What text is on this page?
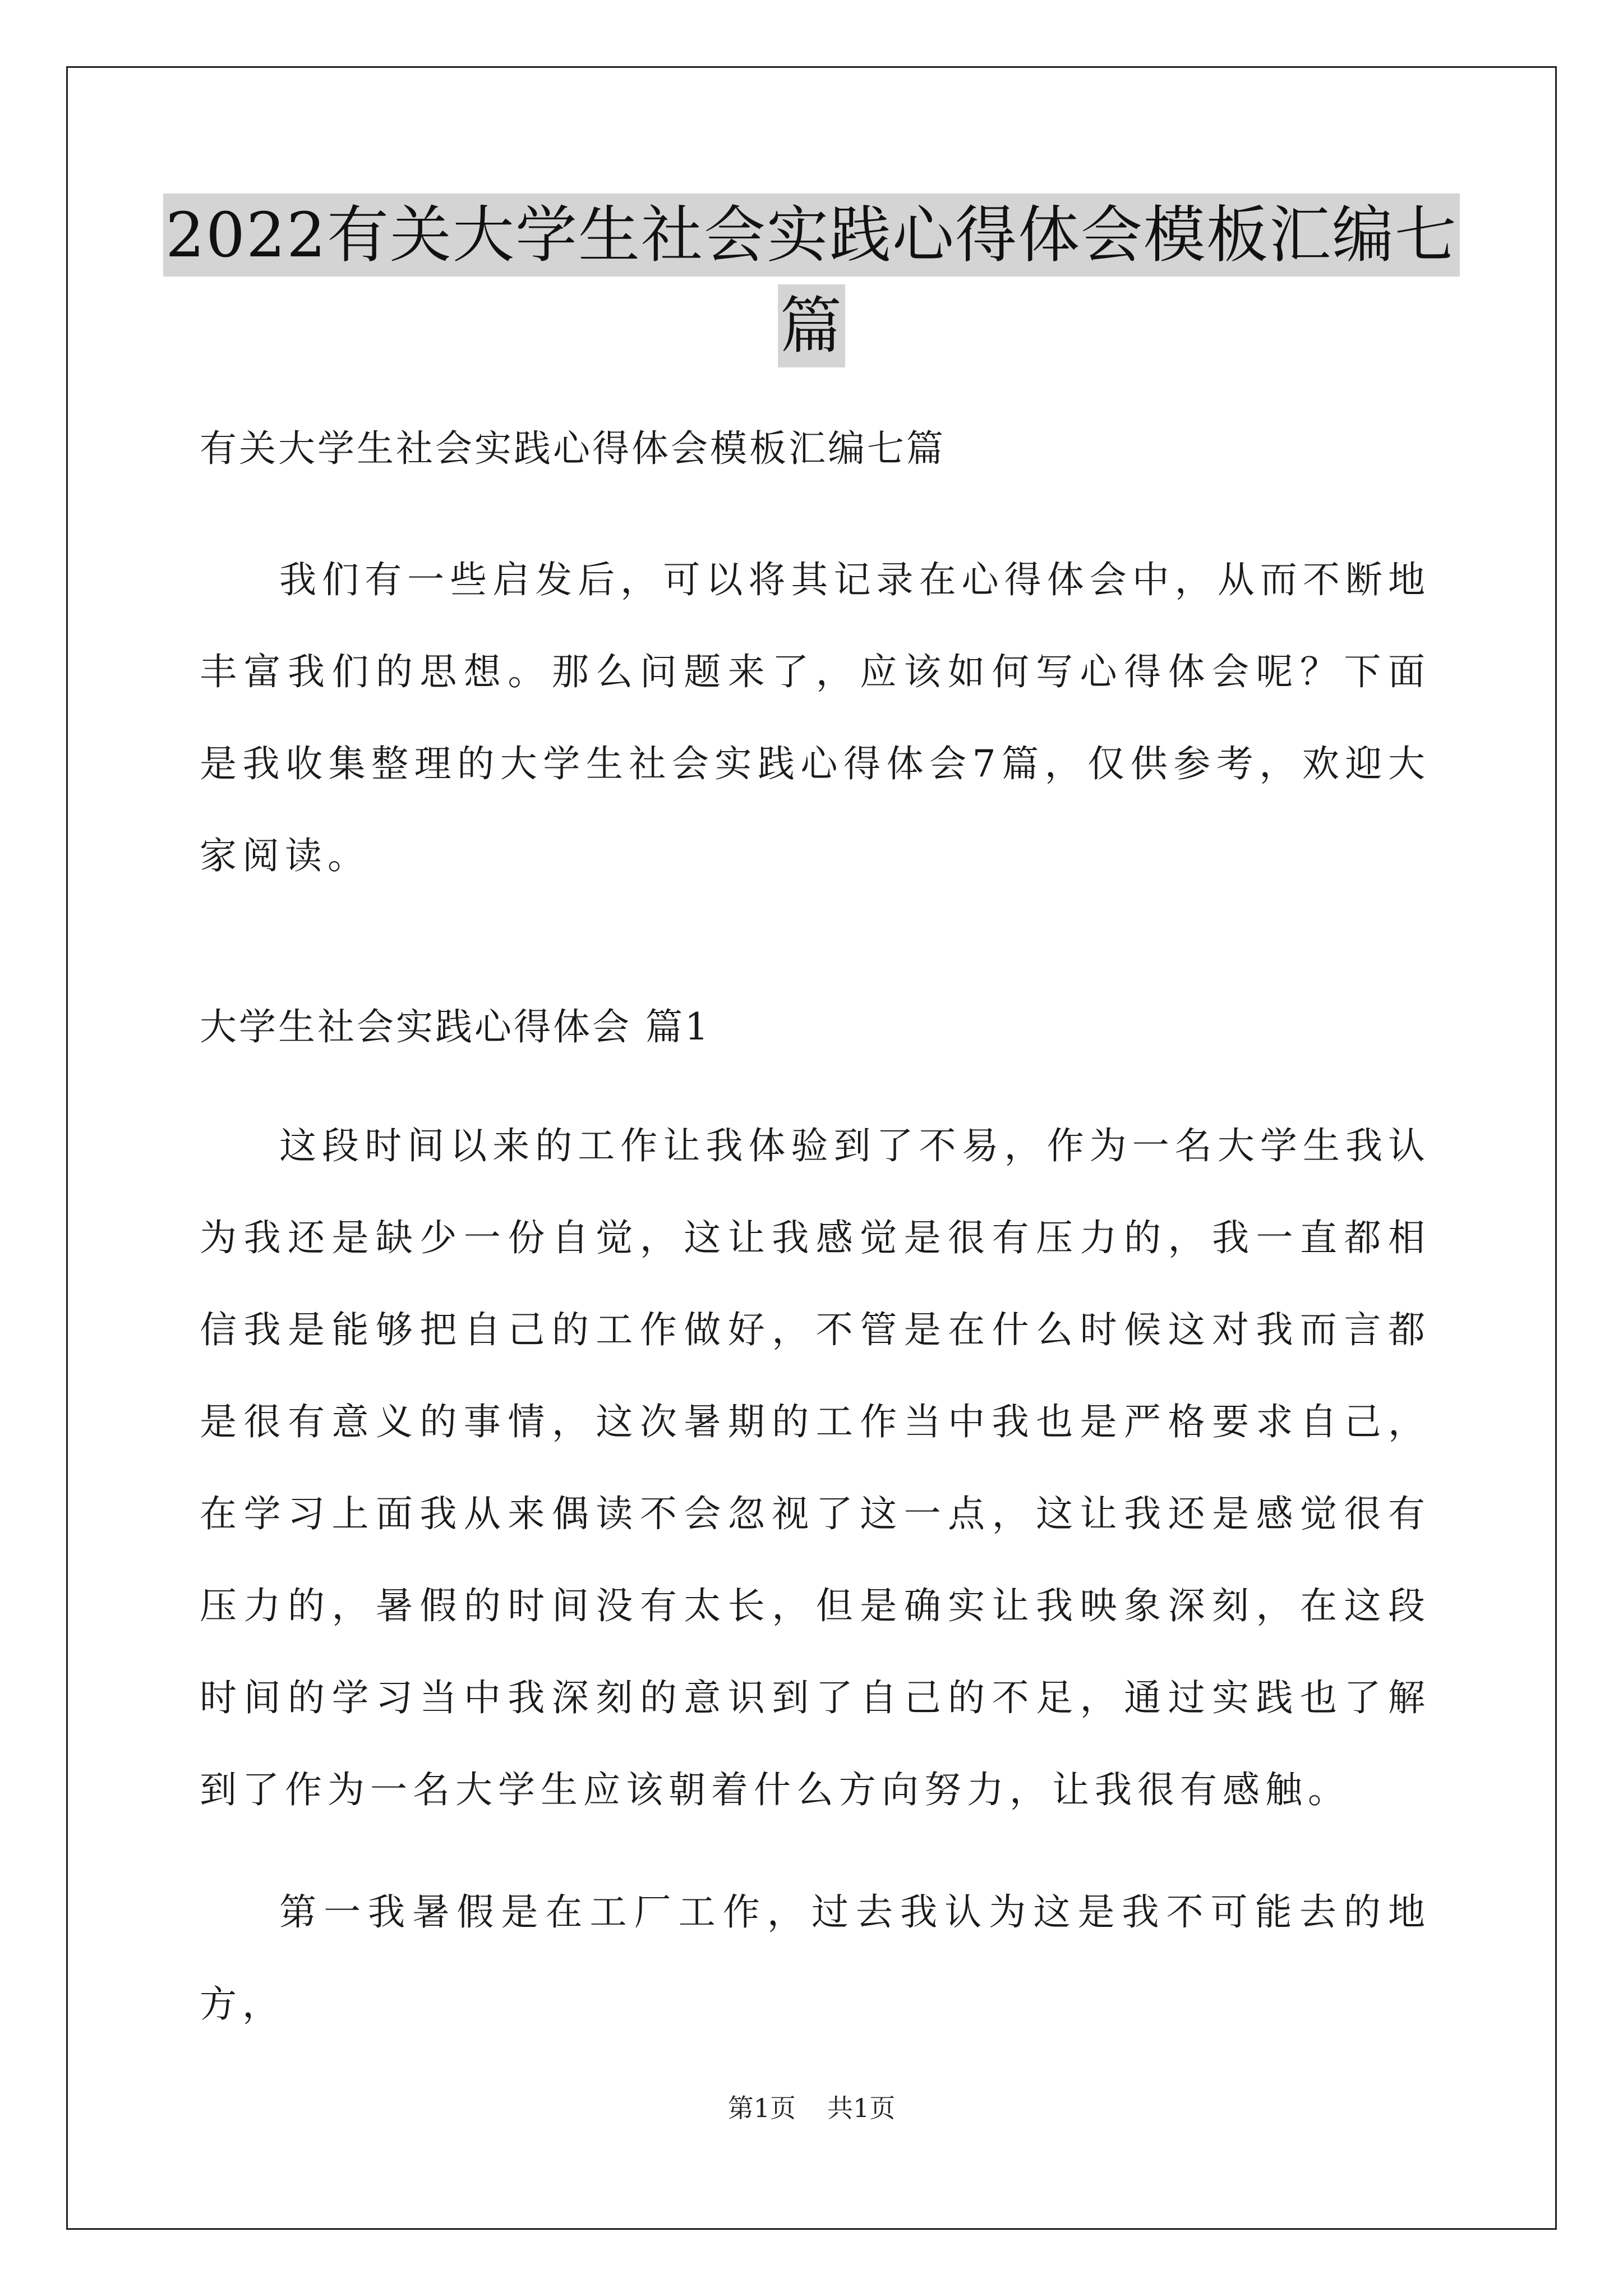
2022有关大学生社会实践心得体会模板汇编七
篇

有关大学生社会实践心得体会模板汇编七篇

我们有一些启发后，可以将其记录在心得体会中，从而不断地丰富我们的思想。那么问题来了，应该如何写心得体会呢？下面是我收集整理的大学生社会实践心得体会7篇，仅供参考，欢迎大家阅读。

大学生社会实践心得体会 篇1

这段时间以来的工作让我体验到了不易，作为一名大学生我认为我还是缺少一份自觉，这让我感觉是很有压力的，我一直都相信我是能够把自己的工作做好，不管是在什么时候这对我而言都是很有意义的事情，这次暑期的工作当中我也是严格要求自己，在学习上面我从来偶读不会忽视了这一点，这让我还是感觉很有压力的，暑假的时间没有太长，但是确实让我映象深刻，在这段时间的学习当中我深刻的意识到了自己的不足，通过实践也了解到了作为一名大学生应该朝着什么方向努力，让我很有感触。

第一我暑假是在工厂工作，过去我认为这是我不可能去的地方，

第1页 共1页
